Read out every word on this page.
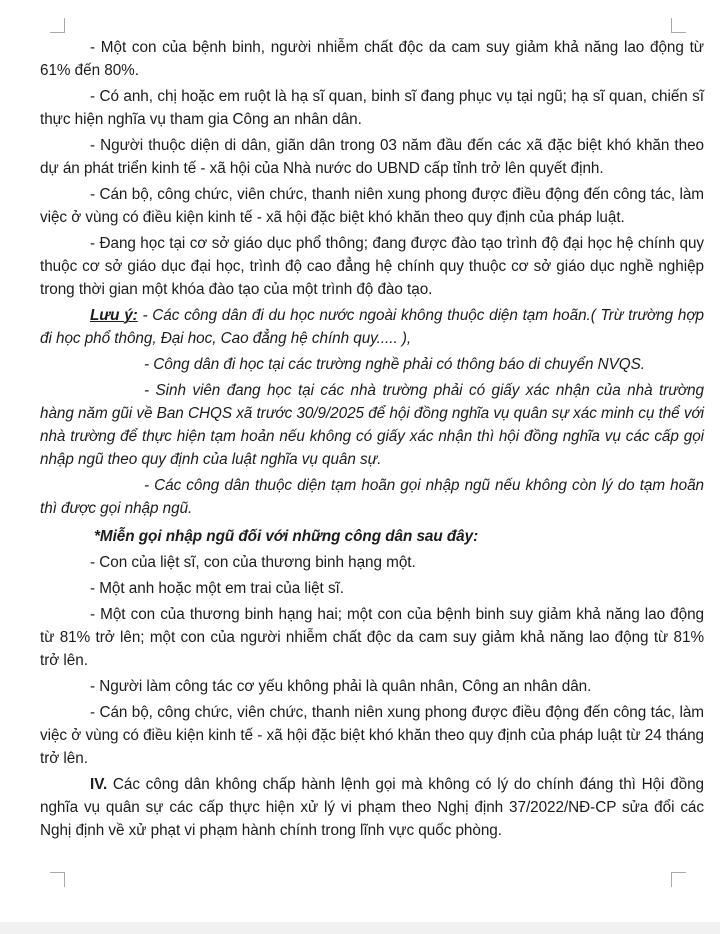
- Một con của bệnh binh, người nhiễm chất độc da cam suy giảm khả năng lao động từ 61% đến 80%.

- Có anh, chị hoặc em ruột là hạ sĩ quan, binh sĩ đang phục vụ tại ngũ; hạ sĩ quan, chiến sĩ thực hiện nghĩa vụ tham gia Công an nhân dân.

- Người thuộc diện di dân, giãn dân trong 03 năm đầu đến các xã đặc biệt khó khăn theo dự án phát triển kinh tế - xã hội của Nhà nước do UBND cấp tỉnh trở lên quyết định.

- Cán bộ, công chức, viên chức, thanh niên xung phong được điều động đến công tác, làm việc ở vùng có điều kiện kinh tế - xã hội đặc biệt khó khăn theo quy định của pháp luật.

- Đang học tại cơ sở giáo dục phổ thông; đang được đào tạo trình độ đại học hệ chính quy thuộc cơ sở giáo dục đại học, trình độ cao đẳng hệ chính quy thuộc cơ sở giáo dục nghề nghiệp trong thời gian một khóa đào tạo của một trình độ đào tạo.

Lưu ý: - Các công dân đi du học nước ngoài không thuộc diện tạm hoãn.( Trừ trường hợp đi học phổ thông, Đại hoc, Cao đẳng hệ chính quy..... ),

- Công dân đi học tại các trường nghề phải có thông báo di chuyển NVQS.

- Sinh viên đang học tại các nhà trường phải có giấy xác nhận của nhà trường hàng năm gũi về Ban CHQS xã trước 30/9/2025 để hội đồng nghĩa vụ quân sự xác minh cụ thể với nhà trường để thực hiện tạm hoản nếu không có giấy xác nhận thì hội đồng nghĩa vụ các cấp gọi nhập ngũ theo quy định của luật nghĩa vụ quân sự.

- Các công dân thuộc diện tạm hoãn gọi nhập ngũ nếu không còn lý do tạm hoãn thì được gọi nhập ngũ.

*Miễn gọi nhập ngũ đối với những công dân sau đây:

- Con của liệt sĩ, con của thương binh hạng một.

- Một anh hoặc một em trai của liệt sĩ.

- Một con của thương binh hạng hai; một con của bệnh binh suy giảm khả năng lao động từ 81% trở lên; một con của người nhiễm chất độc da cam suy giảm khả năng lao động từ 81% trở lên.

- Người làm công tác cơ yếu không phải là quân nhân, Công an nhân dân.

- Cán bộ, công chức, viên chức, thanh niên xung phong được điều động đến công tác, làm việc ở vùng có điều kiện kinh tế - xã hội đặc biệt khó khăn theo quy định của pháp luật từ 24 tháng trở lên.

IV. Các công dân không chấp hành lệnh gọi mà không có lý do chính đáng thì Hội đồng nghĩa vụ quân sự các cấp thực hiện xử lý vi phạm theo Nghị định 37/2022/NĐ-CP sửa đổi các Nghị định về xử phạt vi phạm hành chính trong lĩnh vực quốc phòng.
